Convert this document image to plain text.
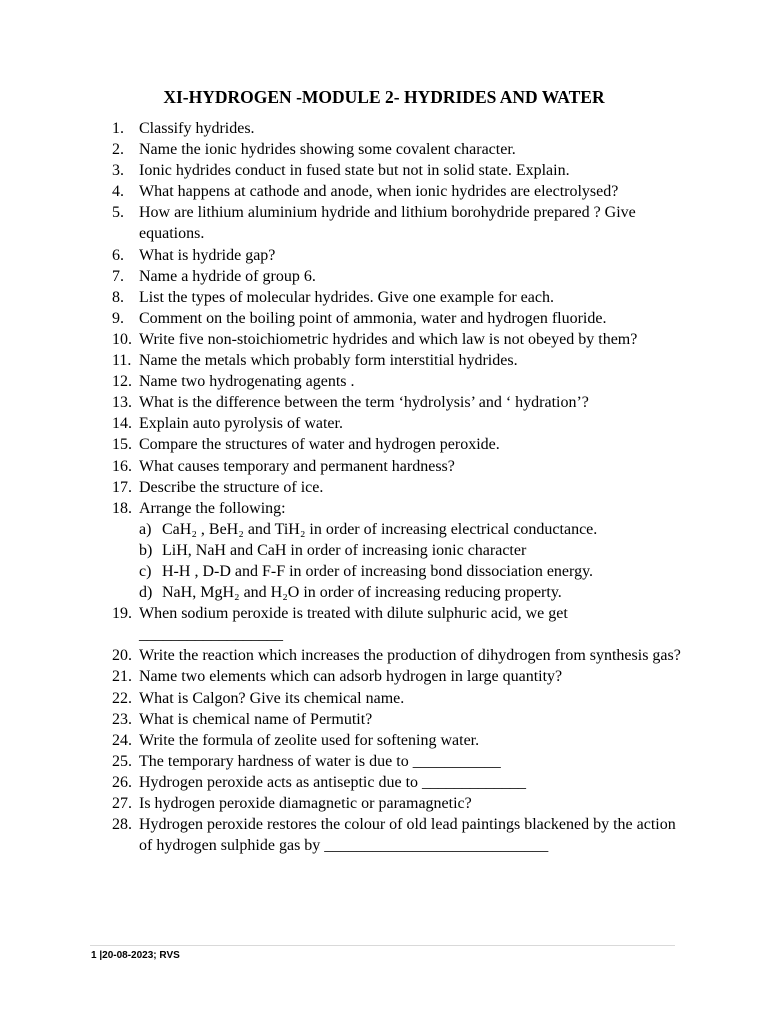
XI-HYDROGEN -MODULE 2- HYDRIDES AND WATER
1. Classify hydrides.
2. Name the ionic hydrides showing some covalent character.
3. Ionic hydrides conduct in fused state but not in solid state. Explain.
4. What happens at cathode and anode, when ionic hydrides are electrolysed?
5. How are lithium aluminium hydride and lithium borohydride prepared ? Give equations.
6. What is hydride gap?
7. Name a hydride of group 6.
8. List the types of molecular hydrides. Give one example for each.
9. Comment on the boiling point of ammonia, water and hydrogen fluoride.
10. Write five non-stoichiometric hydrides and which law is not obeyed by them?
11. Name the metals which probably form interstitial hydrides.
12. Name two hydrogenating agents .
13. What is the difference between the term ‘hydrolysis’ and ‘ hydration’?
14. Explain auto pyrolysis of water.
15. Compare the structures of water and hydrogen peroxide.
16. What causes temporary and permanent hardness?
17. Describe the structure of ice.
18. Arrange the following:
a) CaH₂ , BeH₂ and TiH₂ in order of increasing electrical conductance.
b) LiH, NaH and CaH in order of increasing ionic character
c) H-H , D-D and F-F in order of increasing bond dissociation energy.
d) NaH, MgH₂ and H₂O in order of increasing reducing property.
19. When sodium peroxide is treated with dilute sulphuric acid, we get __________________
20. Write the reaction which increases the production of dihydrogen from synthesis gas?
21. Name two elements which can adsorb hydrogen in large quantity?
22. What is Calgon? Give its chemical name.
23. What is chemical name of Permutit?
24. Write the formula of zeolite used for softening water.
25. The temporary hardness of water is due to ___________
26. Hydrogen peroxide acts as antiseptic due to _____________
27. Is hydrogen peroxide diamagnetic or paramagnetic?
28. Hydrogen peroxide restores the colour of old lead paintings blackened by the action of hydrogen sulphide gas by ____________________________
1 |20-08-2023; RVS
